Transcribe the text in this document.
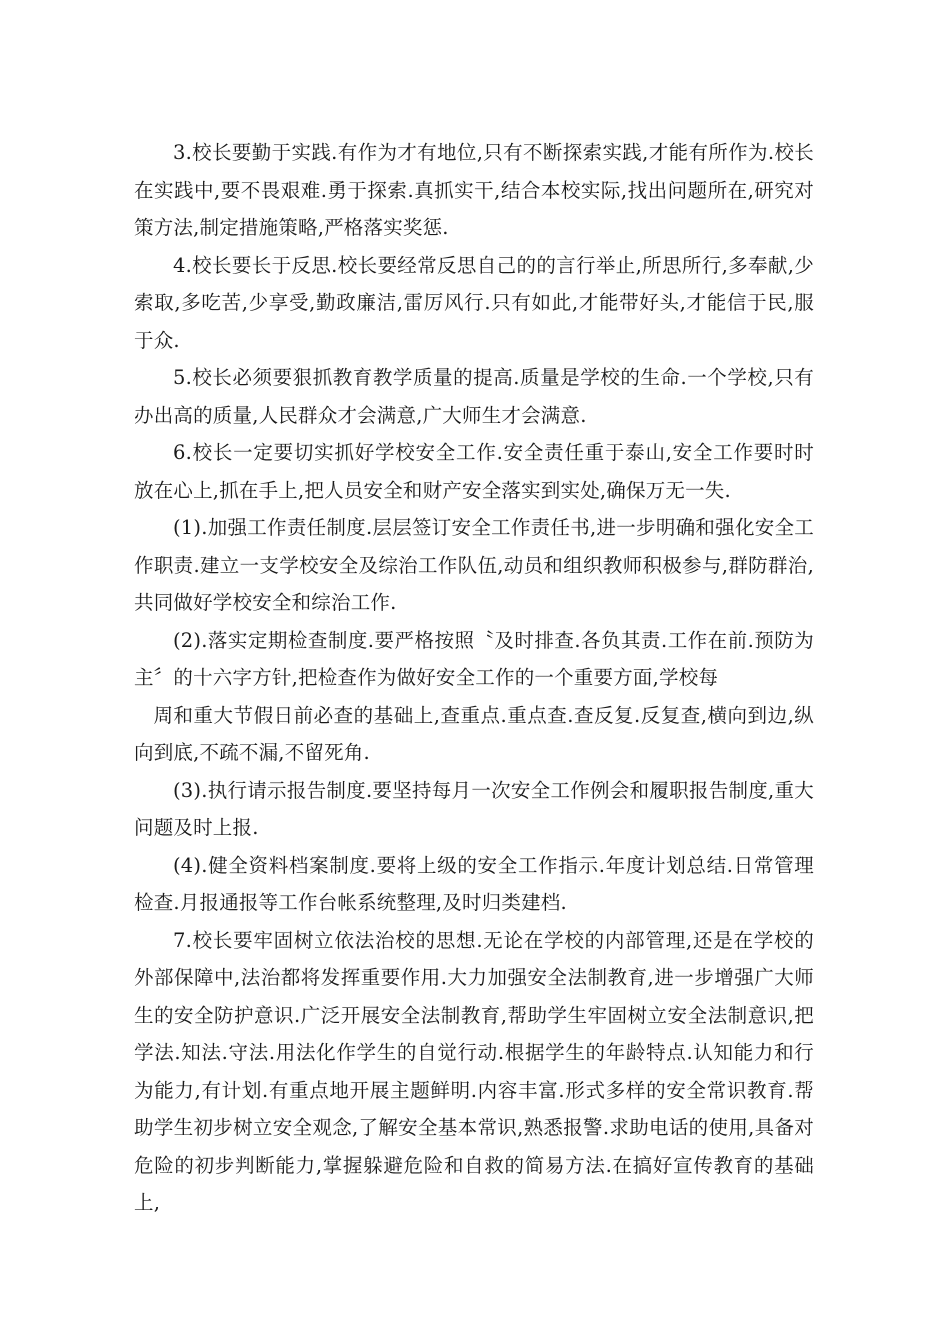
3.校长要勤于实践.有作为才有地位,只有不断探索实践,才能有所作为.校长在实践中,要不畏艰难.勇于探索.真抓实干,结合本校实际,找出问题所在,研究对策方法,制定措施策略,严格落实奖惩.

4.校长要长于反思.校长要经常反思自己的的言行举止,所思所行,多奉献,少索取,多吃苦,少享受,勤政廉洁,雷厉风行.只有如此,才能带好头,才能信于民,服于众.

5.校长必须要狠抓教育教学质量的提高.质量是学校的生命.一个学校,只有办出高的质量,人民群众才会满意,广大师生才会满意.

6.校长一定要切实抓好学校安全工作.安全责任重于泰山,安全工作要时时放在心上,抓在手上,把人员安全和财产安全落实到实处,确保万无一失.

(1).加强工作责任制度.层层签订安全工作责任书,进一步明确和强化安全工作职责.建立一支学校安全及综治工作队伍,动员和组织教师积极参与,群防群治,共同做好学校安全和综治工作.

(2).落实定期检查制度.要严格按照〝及时排查.各负其责.工作在前.预防为主〞的十六字方针,把检查作为做好安全工作的一个重要方面,学校每

周和重大节假日前必查的基础上,查重点.重点查.查反复.反复查,横向到边,纵向到底,不疏不漏,不留死角.

(3).执行请示报告制度.要坚持每月一次安全工作例会和履职报告制度,重大问题及时上报.

(4).健全资料档案制度.要将上级的安全工作指示.年度计划总结.日常管理检查.月报通报等工作台帐系统整理,及时归类建档.

7.校长要牢固树立依法治校的思想.无论在学校的内部管理,还是在学校的外部保障中,法治都将发挥重要作用.大力加强安全法制教育,进一步增强广大师生的安全防护意识.广泛开展安全法制教育,帮助学生牢固树立安全法制意识,把学法.知法.守法.用法化作学生的自觉行动.根据学生的年龄特点.认知能力和行为能力,有计划.有重点地开展主题鲜明.内容丰富.形式多样的安全常识教育.帮助学生初步树立安全观念,了解安全基本常识,熟悉报警.求助电话的使用,具备对危险的初步判断能力,掌握躲避危险和自救的简易方法.在搞好宣传教育的基础上,
